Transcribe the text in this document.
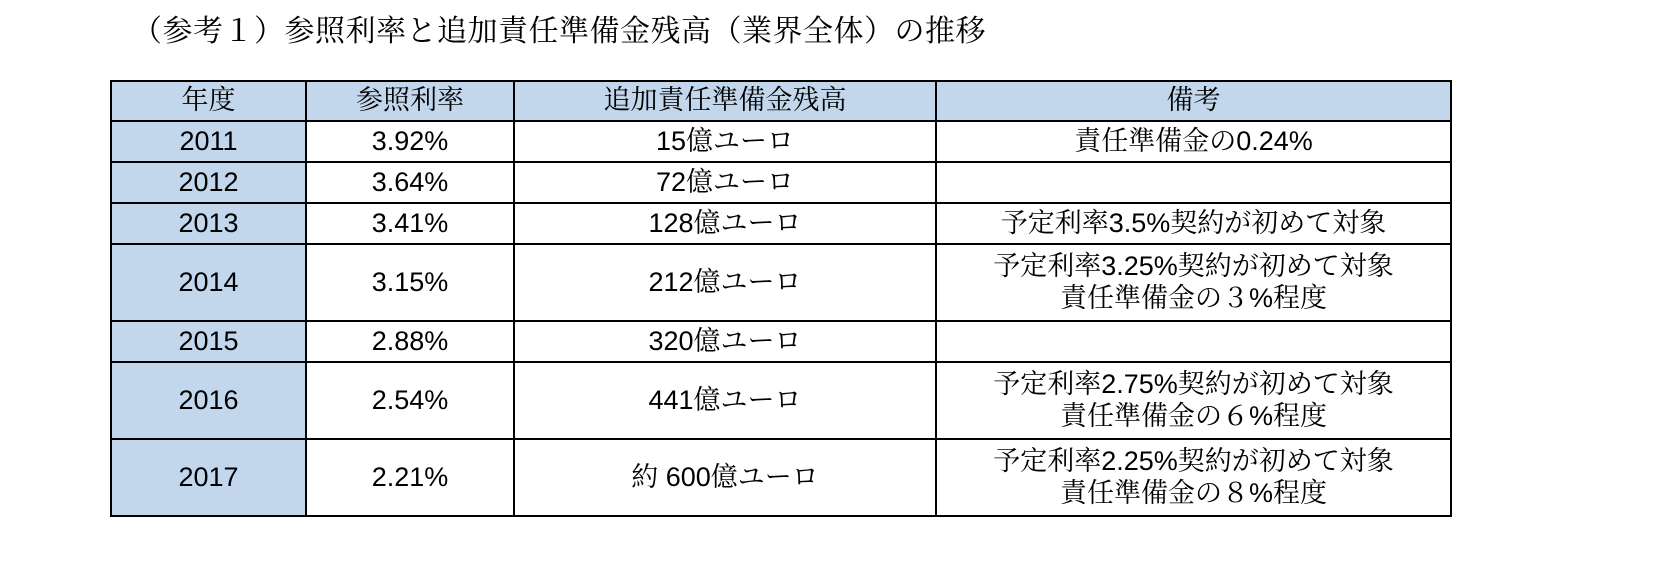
（参考１）参照利率と追加責任準備金残高（業界全体）の推移
年度	参照利率	追加責任準備金残高	備考
2011	3.92%	15億ユーロ	責任準備金の0.24%

2012	3.64%	72億ユーロ	

2013	3.41%	128億ユーロ	予定利率3.5%契約が初めて対象

2014	3.15%	212億ユーロ	予定利率3.25%契約が初めて対象
責任準備金の３%程度

2015	2.88%	320億ユーロ	

2016	2.54%	441億ユーロ	予定利率2.75%契約が初めて対象
責任準備金の６%程度

2017	2.21%	約 600億ユーロ	予定利率2.25%契約が初めて対象
責任準備金の８%程度
